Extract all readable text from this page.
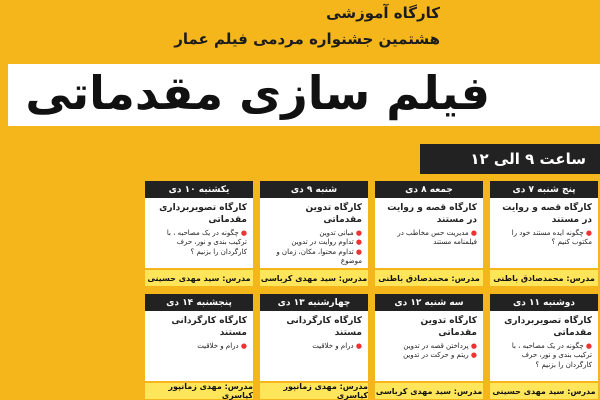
کارگاه آموزشی
هشتمین جشنواره مردمی فیلم عمار
فیلم سازی مقدماتی
ساعت ۹ الی ۱۲
پنج شنبه ۷ دی
کارگاه قصه و روایت در مستند
● چگونه ایده مستند خود را مکتوب کنیم ؟
مدرس: محمدصادق باطنی
جمعه ۸ دی
کارگاه قصه و روایت در مستند
● مدیریت حس مخاطب در فیلمنامه مستند
مدرس: محمدصادق باطنی
شنبه ۹ دی
کارگاه تدوین مقدماتی
● مبانی تدوین
● تداوم روایت در تدوین
● تداوم محتوا، مکان، زمان و موضوع
مدرس: سید مهدی کرباسی
یکشنبه ۱۰ دی
کارگاه تصویربرداری مقدماتی
● چگونه در یک مصاحبه ، با ترکیب بندی و نور، حرف کارگردان را بزنیم ؟
مدرس: سید مهدی حسینی
دوشنبه ۱۱ دی
کارگاه تصویربرداری مقدماتی
● چگونه در یک مصاحبه ، با ترکیب بندی و نور، حرف کارگردان را بزنیم ؟
مدرس: سید مهدی حسینی
سه شنبه ۱۲ دی
کارگاه تدوین مقدماتی
● پرداختن قصه در تدوین
● ریتم و حرکت در تدوین
مدرس: سید مهدی کرباسی
چهارشنبه ۱۳ دی
کارگاه کارگردانی مستند
● درام و خلاقیت
مدرس: مهدی زمانپور کیاسری
پنجشنبه ۱۴ دی
کارگاه کارگردانی مستند
● درام و خلاقیت
مدرس: مهدی زمانپور کیاسری
